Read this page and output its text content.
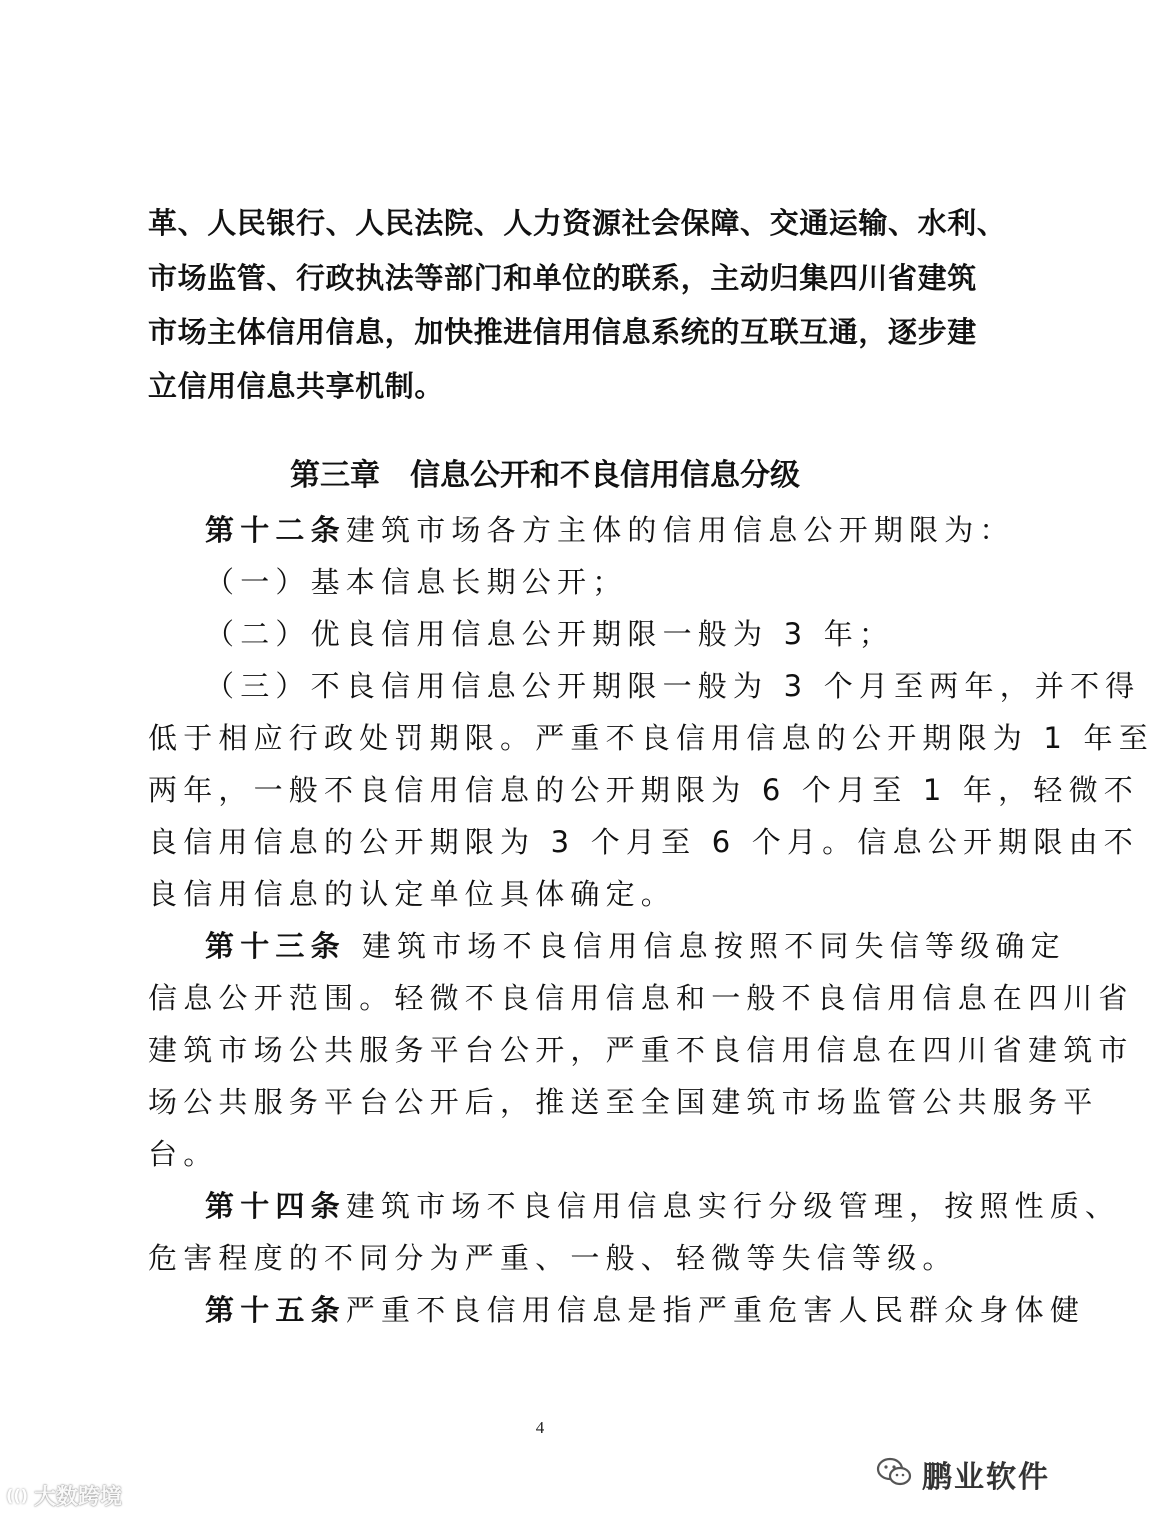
革、人民银行、人民法院、人力资源社会保障、交通运输、水利、
市场监管、行政执法等部门和单位的联系，主动归集四川省建筑
市场主体信用信息，加快推进信用信息系统的互联互通，逐步建
立信用信息共享机制。
第三章 信息公开和不良信用信息分级
第十二条建筑市场各方主体的信用信息公开期限为：
（一）基本信息长期公开；
（二）优良信用信息公开期限一般为 3 年；
（三）不良信用信息公开期限一般为 3 个月至两年，并不得
低于相应行政处罚期限。严重不良信用信息的公开期限为 1 年至
两年，一般不良信用信息的公开期限为 6 个月至 1 年，轻微不
良信用信息的公开期限为 3 个月至 6 个月。信息公开期限由不
良信用信息的认定单位具体确定。
第十三条 建筑市场不良信用信息按照不同失信等级确定
信息公开范围。轻微不良信用信息和一般不良信用信息在四川省
建筑市场公共服务平台公开，严重不良信用信息在四川省建筑市
场公共服务平台公开后，推送至全国建筑市场监管公共服务平
台。
第十四条建筑市场不良信用信息实行分级管理，按照性质、
危害程度的不同分为严重、一般、轻微等失信等级。
第十五条严重不良信用信息是指严重危害人民群众身体健
4
(() 大数跨境
鹏业软件
